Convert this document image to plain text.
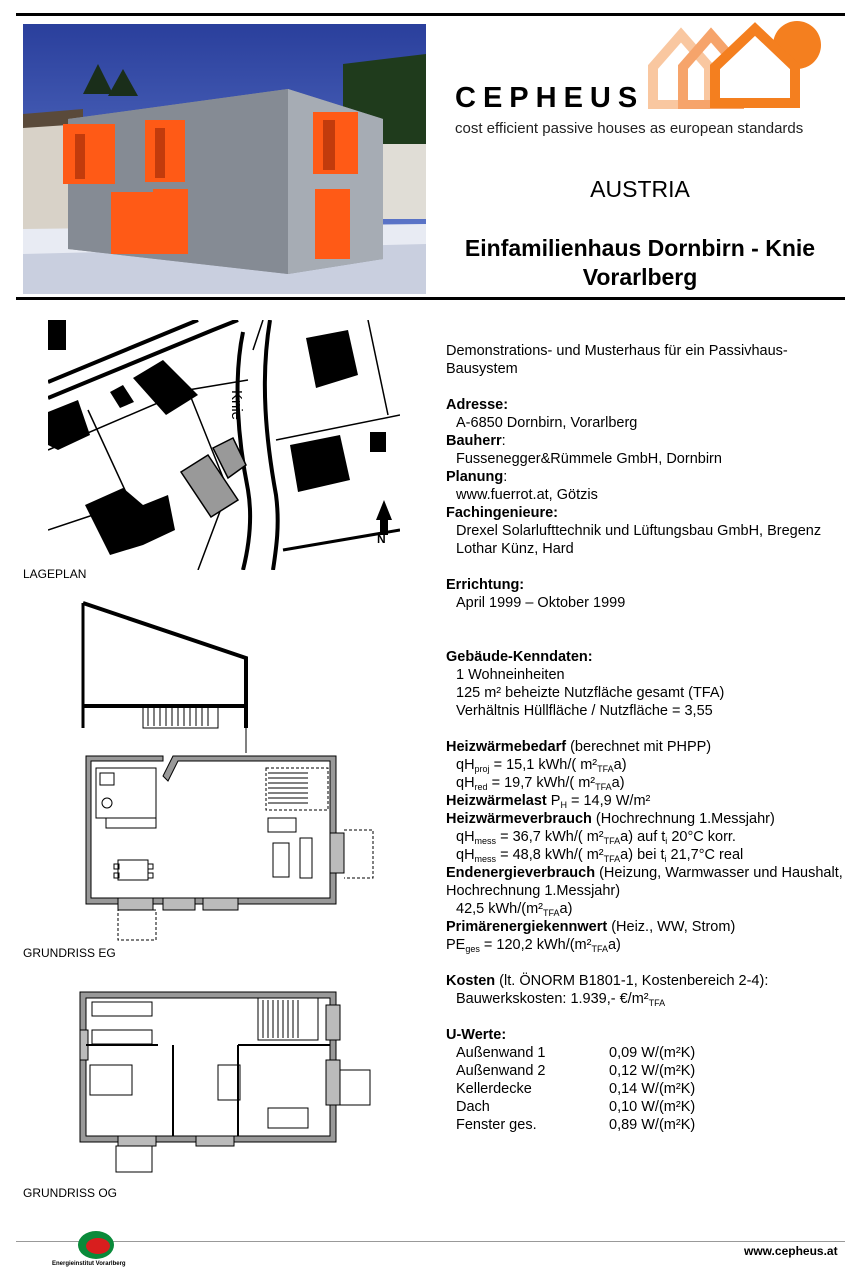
CEPHEUS
cost efficient passive houses as european standards
AUSTRIA
Einfamilienhaus Dornbirn - Knie
Vorarlberg
Knie
N
LAGEPLAN
GRUNDRISS EG
GRUNDRISS OG

Demonstrations- und Musterhaus für ein Passivhaus-Bausystem

Adresse:

A-6850 Dornbirn, Vorarlberg

Bauherr:

Fussenegger&Rümmele GmbH, Dornbirn

Planung:

www.fuerrot.at, Götzis

Fachingenieure:

Drexel Solarlufttechnik und Lüftungsbau GmbH, Bregenz

Lothar Künz, Hard

Errichtung:

April 1999 – Oktober 1999

Gebäude-Kenndaten:

1 Wohneinheiten

125 m² beheizte Nutzfläche gesamt (TFA)

Verhältnis Hüllfläche / Nutzfläche = 3,55

Heizwärmebedarf (berechnet mit PHPP)

$qH_{proj} = 15,1$ kWh/( $m^2_{TFA}a$)

$qH_{red} = 19,7$ kWh/( $m^2_{TFA}a$)

Heizwärmelast $P_H = 14,9$ W/m²

Heizwärmeverbrauch (Hochrechnung 1.Messjahr)

$qH_{mess} = 36,7$ kWh/( $m^2_{TFA}a$) auf $t_i$ 20°C korr.

$qH_{mess} = 48,8$ kWh/( $m^2_{TFA}a$) bei $t_i$ 21,7°C real

Endenergieverbrauch (Heizung, Warmwasser und Haushalt, Hochrechnung 1.Messjahr)

42,5 kWh/$(m^2_{TFA}a)$

Primärenergiekennwert (Heiz., WW, Strom)

$PE_{ges} = 120,2$ kWh/$(m^2_{TFA}a)$

Kosten (lt. ÖNORM B1801-1, Kostenbereich 2-4):

Bauwerkskosten: 1.939,- $€/m^2_{TFA}$

U-Werte:

Außenwand 1	0,09 W/(m²K)
Außenwand 2	0,12 W/(m²K)
Kellerdecke	0,14 W/(m²K)
Dach	0,10 W/(m²K)
Fenster ges.	0,89 W/(m²K)
Energieinstitut Vorarlberg
www.cepheus.at
